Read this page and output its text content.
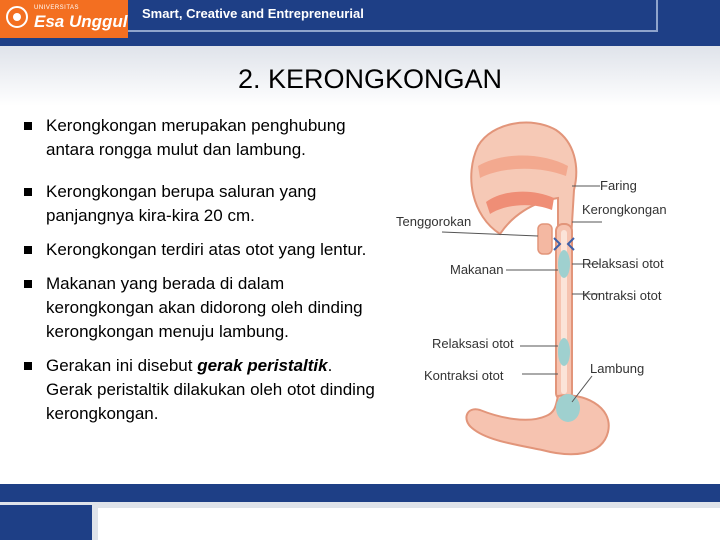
UNIVERSITAS
Esa Unggul Smart, Creative and Entrepreneurial
2. KERONGKONGAN
Kerongkongan merupakan penghubung antara rongga mulut dan lambung.
Kerongkongan berupa saluran yang panjangnya kira-kira 20 cm.
Kerongkongan terdiri atas otot yang lentur.
Makanan yang berada di dalam kerongkongan akan didorong oleh dinding kerongkongan menuju lambung.
Gerakan ini disebut gerak peristaltik. Gerak peristaltik dilakukan oleh otot dinding kerongkongan.
Faring
Kerongkongan
Tenggorokan
Makanan	Relaksasi otot
Kontraksi otot
Relaksasi otot
Kontraksi otot	Lambung
